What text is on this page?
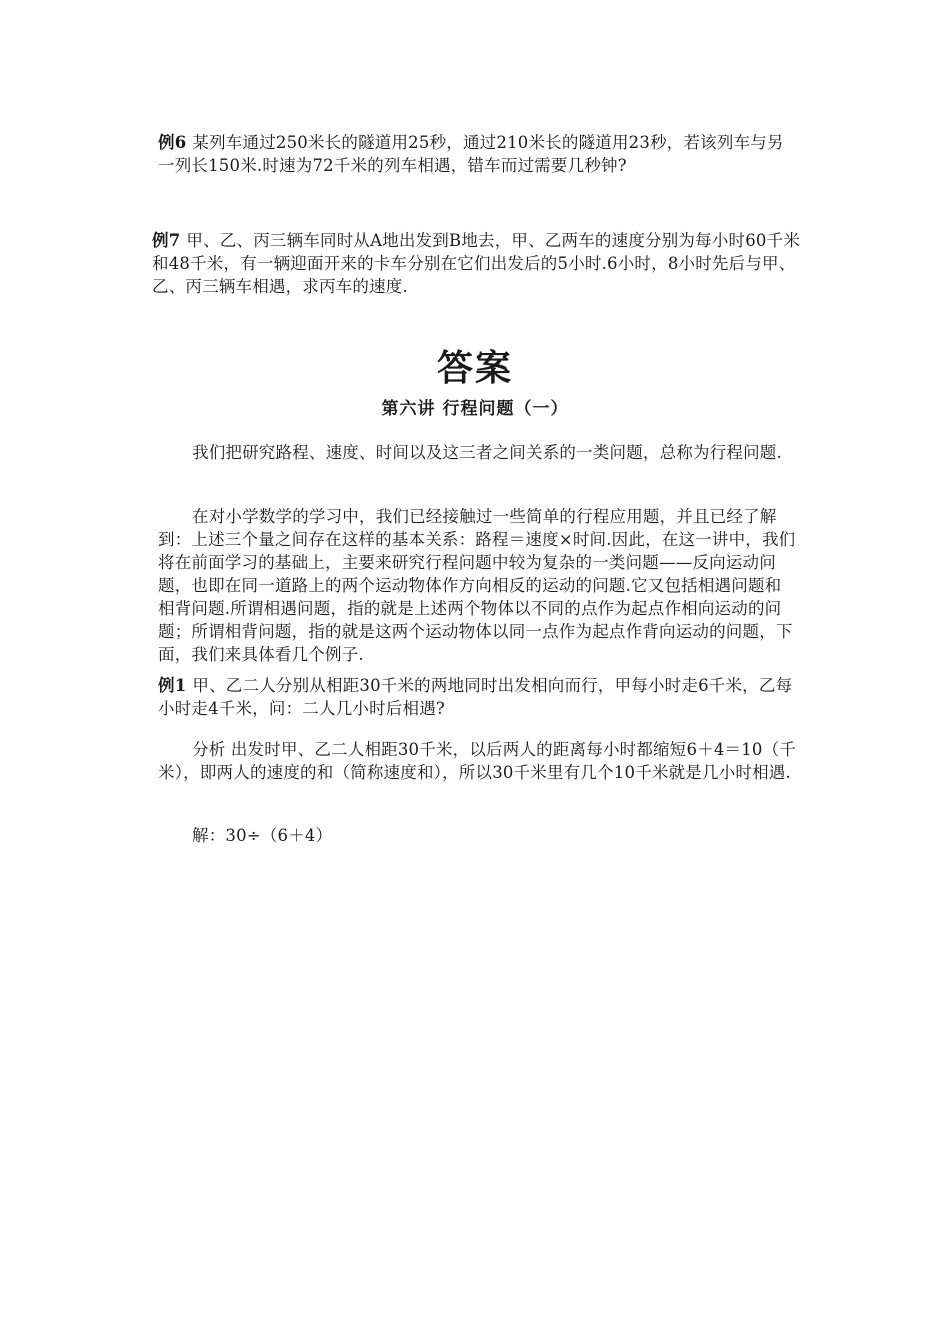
例6 某列车通过250米长的隧道用25秒，通过210米长的隧道用23秒，若该列车与另一列长150米.时速为72千米的列车相遇，错车而过需要几秒钟?
例7 甲、乙、丙三辆车同时从A地出发到B地去，甲、乙两车的速度分别为每小时60千米和48千米，有一辆迎面开来的卡车分别在它们出发后的5小时.6小时，8小时先后与甲、乙、丙三辆车相遇，求丙车的速度.
答案
第六讲 行程问题（一）
我们把研究路程、速度、时间以及这三者之间关系的一类问题，总称为行程问题.
在对小学数学的学习中，我们已经接触过一些简单的行程应用题，并且已经了解到：上述三个量之间存在这样的基本关系：路程＝速度×时间.因此，在这一讲中，我们将在前面学习的基础上，主要来研究行程问题中较为复杂的一类问题——反向运动问题，也即在同一道路上的两个运动物体作方向相反的运动的问题.它又包括相遇问题和相背问题.所谓相遇问题，指的就是上述两个物体以不同的点作为起点作相向运动的问题；所谓相背问题，指的就是这两个运动物体以同一点作为起点作背向运动的问题，下面，我们来具体看几个例子.
例1 甲、乙二人分别从相距30千米的两地同时出发相向而行，甲每小时走6千米，乙每小时走4千米，问：二人几小时后相遇?
分析 出发时甲、乙二人相距30千米，以后两人的距离每小时都缩短6＋4＝10（千米），即两人的速度的和（简称速度和），所以30千米里有几个10千米就是几小时相遇.
解：30÷（6＋4）
